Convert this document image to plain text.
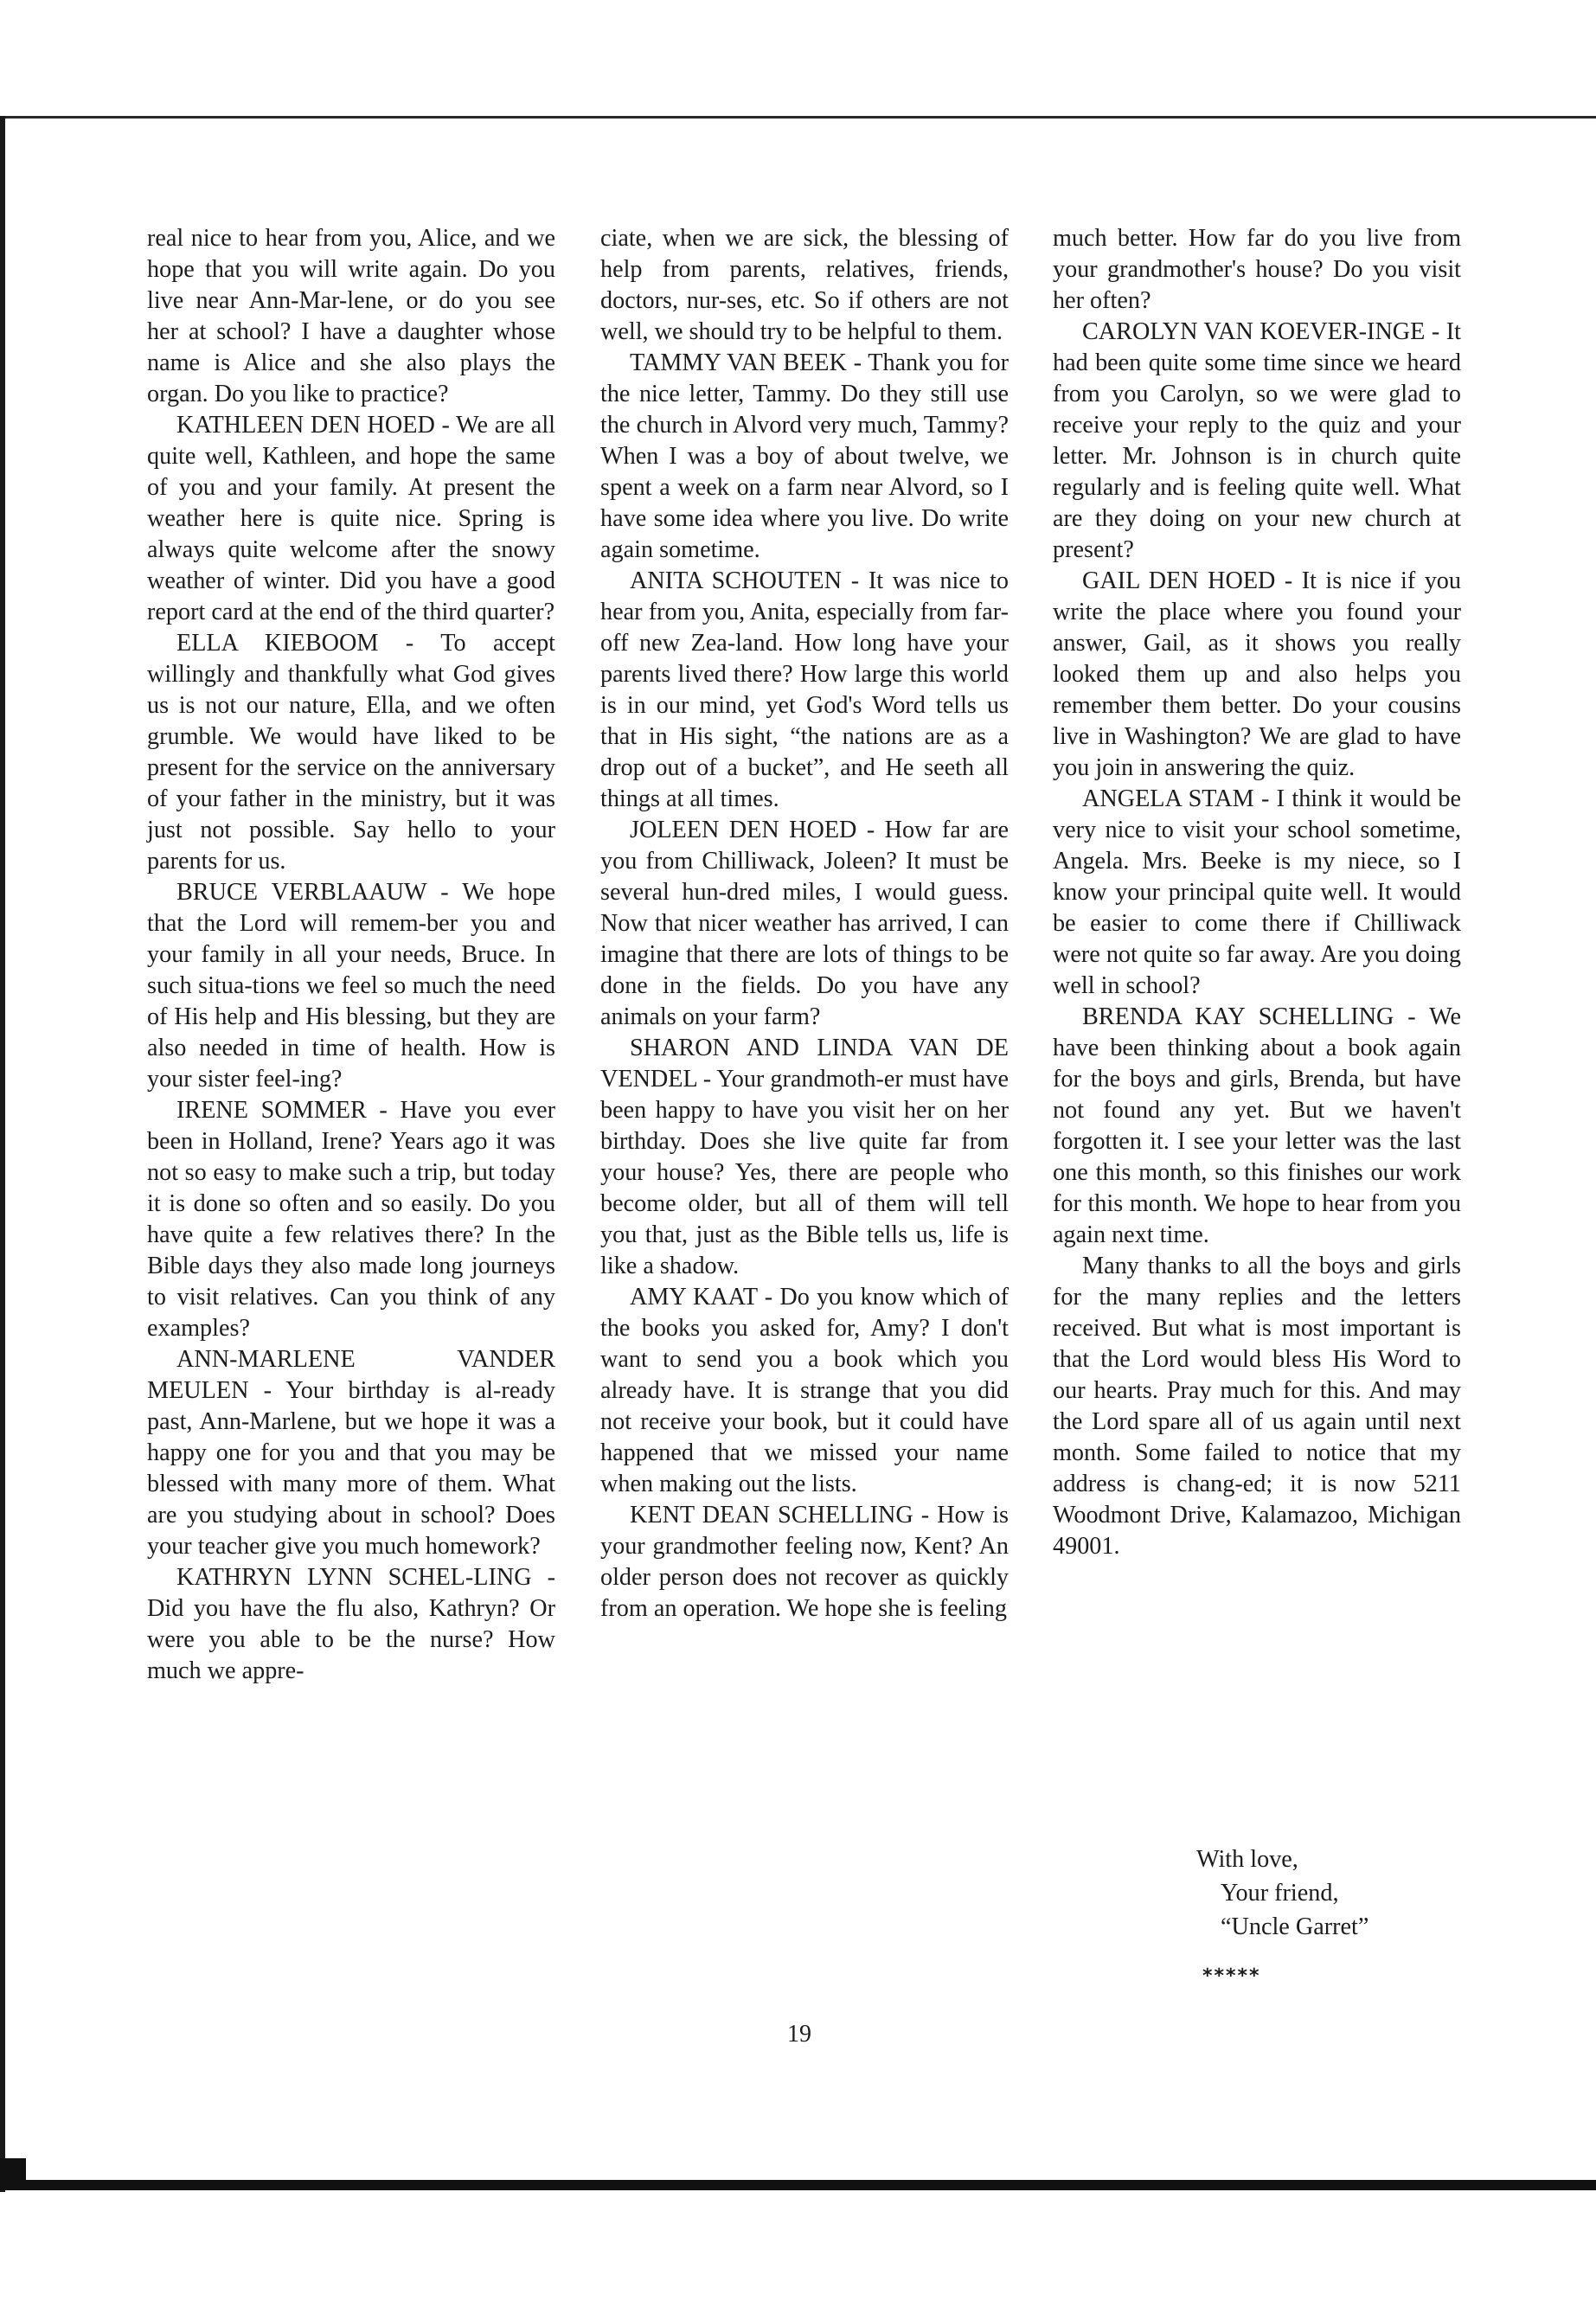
real nice to hear from you, Alice, and we hope that you will write again. Do you live near Ann-Mar-lene, or do you see her at school? I have a daughter whose name is Alice and she also plays the organ. Do you like to practice?

KATHLEEN DEN HOED - We are all quite well, Kathleen, and hope the same of you and your family. At present the weather here is quite nice. Spring is always quite welcome after the snowy weather of winter. Did you have a good report card at the end of the third quarter?

ELLA KIEBOOM - To accept willingly and thankfully what God gives us is not our nature, Ella, and we often grumble. We would have liked to be present for the service on the anniversary of your father in the ministry, but it was just not possible. Say hello to your parents for us.

BRUCE VERBLAAUW - We hope that the Lord will remem-ber you and your family in all your needs, Bruce. In such situa-tions we feel so much the need of His help and His blessing, but they are also needed in time of health. How is your sister feel-ing?

IRENE SOMMER - Have you ever been in Holland, Irene? Years ago it was not so easy to make such a trip, but today it is done so often and so easily. Do you have quite a few relatives there? In the Bible days they also made long journeys to visit relatives. Can you think of any examples?

ANN-MARLENE VANDER MEULEN - Your birthday is al-ready past, Ann-Marlene, but we hope it was a happy one for you and that you may be blessed with many more of them. What are you studying about in school? Does your teacher give you much homework?

KATHRYN LYNN SCHEL-LING - Did you have the flu also, Kathryn? Or were you able to be the nurse? How much we appre-

ciate, when we are sick, the blessing of help from parents, relatives, friends, doctors, nur-ses, etc. So if others are not well, we should try to be helpful to them.

TAMMY VAN BEEK - Thank you for the nice letter, Tammy. Do they still use the church in Alvord very much, Tammy? When I was a boy of about twelve, we spent a week on a farm near Alvord, so I have some idea where you live. Do write again sometime.

ANITA SCHOUTEN - It was nice to hear from you, Anita, especially from far-off new Zea-land. How long have your parents lived there? How large this world is in our mind, yet God's Word tells us that in His sight, “the nations are as a drop out of a bucket”, and He seeth all things at all times.

JOLEEN DEN HOED - How far are you from Chilliwack, Joleen? It must be several hun-dred miles, I would guess. Now that nicer weather has arrived, I can imagine that there are lots of things to be done in the fields. Do you have any animals on your farm?

SHARON AND LINDA VAN DE VENDEL - Your grandmoth-er must have been happy to have you visit her on her birthday. Does she live quite far from your house? Yes, there are people who become older, but all of them will tell you that, just as the Bible tells us, life is like a shadow.

AMY KAAT - Do you know which of the books you asked for, Amy? I don't want to send you a book which you already have. It is strange that you did not receive your book, but it could have happened that we missed your name when making out the lists.

KENT DEAN SCHELLING - How is your grandmother feeling now, Kent? An older person does not recover as quickly from an operation. We hope she is feeling

much better. How far do you live from your grandmother's house? Do you visit her often?

CAROLYN VAN KOEVER-INGE - It had been quite some time since we heard from you Carolyn, so we were glad to receive your reply to the quiz and your letter. Mr. Johnson is in church quite regularly and is feeling quite well. What are they doing on your new church at present?

GAIL DEN HOED - It is nice if you write the place where you found your answer, Gail, as it shows you really looked them up and also helps you remember them better. Do your cousins live in Washington? We are glad to have you join in answering the quiz.

ANGELA STAM - I think it would be very nice to visit your school sometime, Angela. Mrs. Beeke is my niece, so I know your principal quite well. It would be easier to come there if Chilliwack were not quite so far away. Are you doing well in school?

BRENDA KAY SCHELLING - We have been thinking about a book again for the boys and girls, Brenda, but have not found any yet. But we haven't forgotten it. I see your letter was the last one this month, so this finishes our work for this month. We hope to hear from you again next time.

Many thanks to all the boys and girls for the many replies and the letters received. But what is most important is that the Lord would bless His Word to our hearts. Pray much for this. And may the Lord spare all of us again until next month. Some failed to notice that my address is chang-ed; it is now 5211 Woodmont Drive, Kalamazoo, Michigan 49001.

With love,
Your friend,
“Uncle Garret”
*****
19
